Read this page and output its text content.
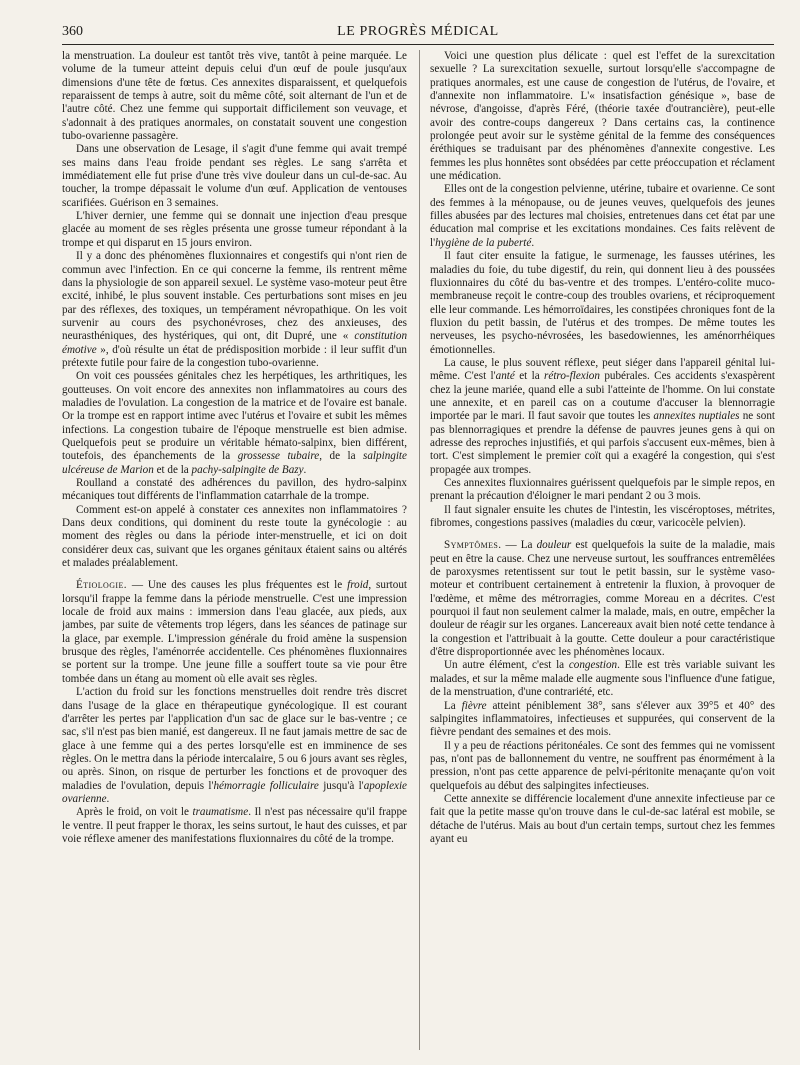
360	LE PROGRÈS MÉDICAL

la menstruation. La douleur est tantôt très vive, tantôt à peine marquée. Le volume de la tumeur atteint depuis celui d'un œuf de poule jusqu'aux dimensions d'une tête de fœtus. Ces annexites disparaissent, et quelquefois reparaissent de temps à autre, soit du même côté, soit alternant de l'un et de l'autre côté. Chez une femme qui supportait difficilement son veuvage, et s'adonnait à des pratiques anormales, on constatait souvent une congestion tubo-ovarienne passagère.

Dans une observation de Lesage, il s'agit d'une femme qui avait trempé ses mains dans l'eau froide pendant ses règles. Le sang s'arrêta et immédiatement elle fut prise d'une très vive douleur dans un cul-de-sac. Au toucher, la trompe dépassait le volume d'un œuf. Application de ventouses scarifiées. Guérison en 3 semaines.

L'hiver dernier, une femme qui se donnait une injection d'eau presque glacée au moment de ses règles présenta une grosse tumeur répondant à la trompe et qui disparut en 15 jours environ.

Il y a donc des phénomènes fluxionnaires et congestifs qui n'ont rien de commun avec l'infection. En ce qui concerne la femme, ils rentrent même dans la physiologie de son appareil sexuel. Le système vaso-moteur peut être excité, inhibé, le plus souvent instable. Ces perturbations sont mises en jeu par des réflexes, des toxiques, un tempérament névropathique. On les voit survenir au cours des psychonévroses, chez des anxieuses, des neurasthéniques, des hystériques, qui ont, dit Dupré, une « constitution émotive », d'où résulte un état de prédisposition morbide : il leur suffit d'un prétexte futile pour faire de la congestion tubo-ovarienne.

On voit ces poussées génitales chez les herpétiques, les arthritiques, les goutteuses. On voit encore des annexites non inflammatoires au cours des maladies de l'ovulation. La congestion de la matrice et de l'ovaire est banale. Or la trompe est en rapport intime avec l'utérus et l'ovaire et subit les mêmes infections. La congestion tubaire de l'époque menstruelle est bien admise. Quelquefois peut se produire un véritable hémato-salpinx, bien différent, toutefois, des épanchements de la grossesse tubaire, de la salpingite ulcéreuse de Marion et de la pachy-salpingite de Bazy.

Roulland a constaté des adhérences du pavillon, des hydro-salpinx mécaniques tout différents de l'inflammation catarrhale de la trompe.

Comment est-on appelé à constater ces annexites non inflammatoires ? Dans deux conditions, qui dominent du reste toute la gynécologie : au moment des règles ou dans la période inter-menstruelle, et ici on doit considérer deux cas, suivant que les organes génitaux étaient sains ou altérés et malades préalablement.

Étiologie. — Une des causes les plus fréquentes est le froid, surtout lorsqu'il frappe la femme dans la période menstruelle. C'est une impression locale de froid aux mains : immersion dans l'eau glacée, aux pieds, aux jambes, par suite de vêtements trop légers, dans les séances de patinage sur la glace, par exemple. L'impression générale du froid amène la suspension brusque des règles, l'aménorrée accidentelle. Ces phénomènes fluxionnaires se portent sur la trompe. Une jeune fille a souffert toute sa vie pour être tombée dans un étang au moment où elle avait ses règles.

L'action du froid sur les fonctions menstruelles doit rendre très discret dans l'usage de la glace en thérapeutique gynécologique. Il est courant d'arrêter les pertes par l'application d'un sac de glace sur le bas-ventre ; ce sac, s'il n'est pas bien manié, est dangereux. Il ne faut jamais mettre de sac de glace à une femme qui a des pertes lorsqu'elle est en imminence de ses règles. On le mettra dans la période intercalaire, 5 ou 6 jours avant ses règles, ou après. Sinon, on risque de perturber les fonctions et de provoquer des maladies de l'ovulation, depuis l'hémorragie folliculaire jusqu'à l'apoplexie ovarienne.

Après le froid, on voit le traumatisme. Il n'est pas nécessaire qu'il frappe le ventre. Il peut frapper le thorax, les seins surtout, le haut des cuisses, et par voie réflexe amener des manifestations fluxionnaires du côté de la trompe.

Voici une question plus délicate : quel est l'effet de la surexcitation sexuelle ? La surexcitation sexuelle, surtout lorsqu'elle s'accompagne de pratiques anormales, est une cause de congestion de l'utérus, de l'ovaire, et d'annexite non inflammatoire. L'« insatisfaction génésique », base de névrose, d'angoisse, d'après Féré, (théorie taxée d'outrancière), peut-elle avoir des contre-coups dangereux ? Dans certains cas, la continence prolongée peut avoir sur le système génital de la femme des conséquences éréthiques se traduisant par des phénomènes d'annexite congestive. Les femmes les plus honnêtes sont obsédées par cette préoccupation et réclament une médication.

Elles ont de la congestion pelvienne, utérine, tubaire et ovarienne. Ce sont des femmes à la ménopause, ou de jeunes veuves, quelquefois des jeunes filles abusées par des lectures mal choisies, entretenues dans cet état par une éducation mal comprise et les excitations mondaines. Ces faits relèvent de l'hygiène de la puberté.

Il faut citer ensuite la fatigue, le surmenage, les fausses utérines, les maladies du foie, du tube digestif, du rein, qui donnent lieu à des poussées fluxionnaires du côté du bas-ventre et des trompes. L'entéro-colite muco-membraneuse reçoit le contre-coup des troubles ovariens, et réciproquement elle leur commande. Les hémorroïdaires, les constipées chroniques font de la fluxion du petit bassin, de l'utérus et des trompes. De même toutes les nerveuses, les psycho-névrosées, les basedowiennes, les aménorrhéiques émotionnelles.

La cause, le plus souvent réflexe, peut siéger dans l'appareil génital lui-même. C'est l'anté et la rétro-flexion pubérales. Ces accidents s'exaspèrent chez la jeune mariée, quand elle a subi l'atteinte de l'homme. On lui constate une annexite, et en pareil cas on a coutume d'accuser la blennorragie importée par le mari. Il faut savoir que toutes les annexites nuptiales ne sont pas blennorragiques et prendre la défense de pauvres jeunes gens à qui on adresse des reproches injustifiés, et qui parfois s'accusent eux-mêmes, bien à tort. C'est simplement le premier coït qui a exagéré la congestion, qui s'est propagée aux trompes.

Ces annexites fluxionnaires guérissent quelquefois par le simple repos, en prenant la précaution d'éloigner le mari pendant 2 ou 3 mois.

Il faut signaler ensuite les chutes de l'intestin, les viscéroptoses, métrites, fibromes, congestions passives (maladies du cœur, varicocèle pelvien).

Symptômes. — La douleur est quelquefois la suite de la maladie, mais peut en être la cause. Chez une nerveuse surtout, les souffrances entremêlées de paroxysmes retentissent sur tout le petit bassin, sur le système vaso-moteur et contribuent certainement à entretenir la fluxion, à provoquer de l'œdème, et même des métrorragies, comme Moreau en a décrites. C'est pourquoi il faut non seulement calmer la malade, mais, en outre, empêcher la douleur de réagir sur les organes. Lancereaux avait bien noté cette tendance à la congestion et l'attribuait à la goutte. Cette douleur a pour caractéristique d'être disproportionnée avec les phénomènes locaux.

Un autre élément, c'est la congestion. Elle est très variable suivant les malades, et sur la même malade elle augmente sous l'influence d'une fatigue, de la menstruation, d'une contrariété, etc.

La fièvre atteint péniblement 38°, sans s'élever aux 39°5 et 40° des salpingites inflammatoires, infectieuses et suppurées, qui conservent de la fièvre pendant des semaines et des mois.

Il y a peu de réactions péritonéales. Ce sont des femmes qui ne vomissent pas, n'ont pas de ballonnement du ventre, ne souffrent pas énormément à la pression, n'ont pas cette apparence de pelvi-péritonite menaçante qu'on voit quelquefois au début des salpingites infectieuses.

Cette annexite se différencie localement d'une annexite infectieuse par ce fait que la petite masse qu'on trouve dans le cul-de-sac latéral est mobile, se détache de l'utérus. Mais au bout d'un certain temps, surtout chez les femmes ayant eu
